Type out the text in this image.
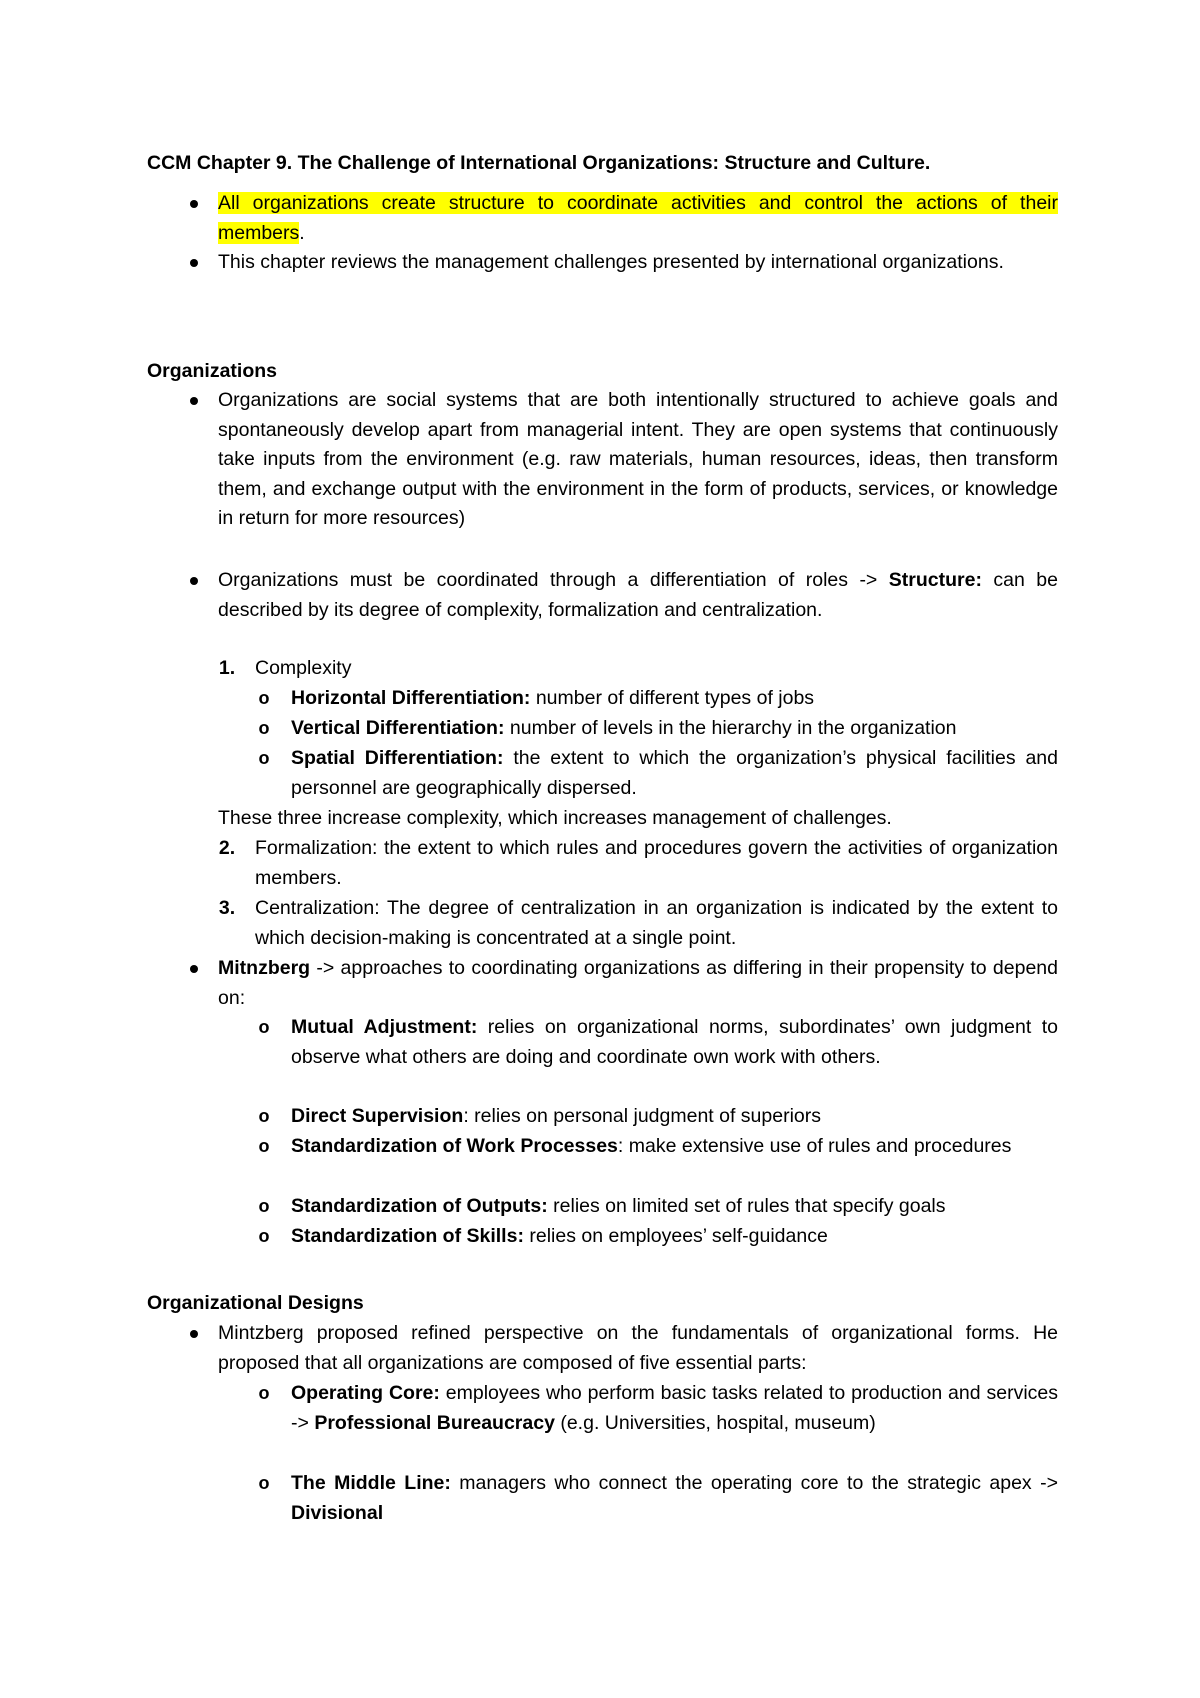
CCM Chapter 9. The Challenge of International Organizations: Structure and Culture.
All organizations create structure to coordinate activities and control the actions of their members.
This chapter reviews the management challenges presented by international organizations.
Organizations
Organizations are social systems that are both intentionally structured to achieve goals and spontaneously develop apart from managerial intent. They are open systems that continuously take inputs from the environment (e.g. raw materials, human resources, ideas, then transform them, and exchange output with the environment in the form of products, services, or knowledge in return for more resources)
Organizations must be coordinated through a differentiation of roles -> Structure: can be described by its degree of complexity, formalization and centralization.
1. Complexity
o Horizontal Differentiation: number of different types of jobs
o Vertical Differentiation: number of levels in the hierarchy in the organization
o Spatial Differentiation: the extent to which the organization’s physical facilities and personnel are geographically dispersed.
These three increase complexity, which increases management of challenges.
2. Formalization: the extent to which rules and procedures govern the activities of organization members.
3. Centralization: The degree of centralization in an organization is indicated by the extent to which decision-making is concentrated at a single point.
Mitnzberg -> approaches to coordinating organizations as differing in their propensity to depend on:
o Mutual Adjustment: relies on organizational norms, subordinates’ own judgment to observe what others are doing and coordinate own work with others.
o Direct Supervision: relies on personal judgment of superiors
o Standardization of Work Processes: make extensive use of rules and procedures
o Standardization of Outputs: relies on limited set of rules that specify goals
o Standardization of Skills: relies on employees’ self-guidance
Organizational Designs
Mintzberg proposed refined perspective on the fundamentals of organizational forms. He proposed that all organizations are composed of five essential parts:
o Operating Core: employees who perform basic tasks related to production and services -> Professional Bureaucracy (e.g. Universities, hospital, museum)
o The Middle Line: managers who connect the operating core to the strategic apex -> Divisional
